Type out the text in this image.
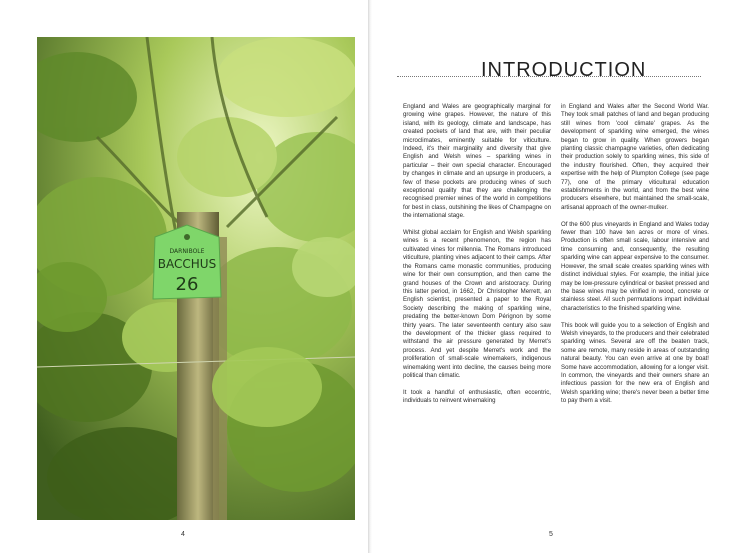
DARNIBOLE
BACCHUS
26
4
INTRODUCTION

England and Wales are geographically marginal for growing wine grapes. However, the nature of this island, with its geology, climate and landscape, has created pockets of land that are, with their peculiar microclimates, eminently suitable for viticulture. Indeed, it's their marginality and diversity that give English and Welsh wines – sparkling wines in particular – their own special character. Encouraged by changes in climate and an upsurge in producers, a few of these pockets are producing wines of such exceptional quality that they are challenging the recognised premier wines of the world in competitions for best in class, outshining the likes of Champagne on the international stage.

Whilst global acclaim for English and Welsh sparkling wines is a recent phenomenon, the region has cultivated vines for millennia. The Romans introduced viticulture, planting vines adjacent to their camps. After the Romans came monastic communities, producing wine for their own consumption, and then came the grand houses of the Crown and aristocracy. During this latter period, in 1662, Dr Christopher Merrett, an English scientist, presented a paper to the Royal Society describing the making of sparkling wine, predating the better-known Dom Pérignon by some thirty years. The later seventeenth century also saw the development of the thicker glass required to withstand the air pressure generated by Merret's process. And yet despite Merret's work and the proliferation of small-scale winemakers, indigenous winemaking went into decline, the causes being more political than climatic.

It took a handful of enthusiastic, often eccentric, individuals to reinvent winemaking

in England and Wales after the Second World War. They took small patches of land and began producing still wines from 'cool climate' grapes. As the development of sparkling wine emerged, the wines began to grow in quality. When growers began planting classic champagne varieties, often dedicating their production solely to sparkling wines, this side of the industry flourished. Often, they acquired their expertise with the help of Plumpton College (see page 77), one of the primary viticultural education establishments in the world, and from the best wine producers elsewhere, but maintained the small-scale, artisanal approach of the owner-mulker.

Of the 600 plus vineyards in England and Wales today fewer than 100 have ten acres or more of vines. Production is often small scale, labour intensive and time consuming and, consequently, the resulting sparkling wine can appear expensive to the consumer. However, the small scale creates sparkling wines with distinct individual styles. For example, the initial juice may be low-pressure cylindrical or basket pressed and the base wines may be vinified in wood, concrete or stainless steel. All such permutations impart individual characteristics to the finished sparkling wine.

This book will guide you to a selection of English and Welsh vineyards, to the producers and their celebrated sparkling wines. Several are off the beaten track, some are remote, many reside in areas of outstanding natural beauty. You can even arrive at one by boat! Some have accommodation, allowing for a longer visit. In common, the vineyards and their owners share an infectious passion for the new era of English and Welsh sparkling wine; there's never been a better time to pay them a visit.

5
